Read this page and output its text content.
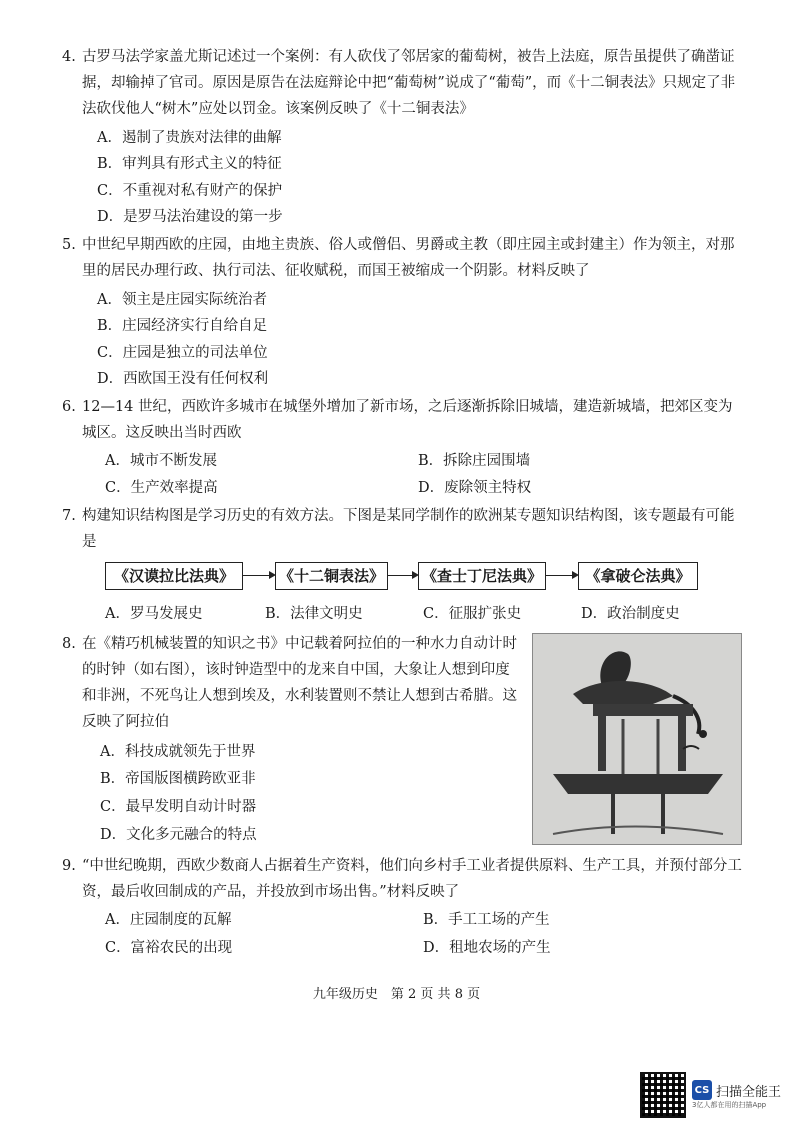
4. 古罗马法学家盖尤斯记述过一个案例：有人砍伐了邻居家的葡萄树，被告上法庭，原告虽提供了确凿证据，却输掉了官司。原因是原告在法庭辩论中把“葡萄树”说成了“葡萄”，而《十二铜表法》只规定了非法砍伐他人“树木”应处以罚金。该案例反映了《十二铜表法》
A．遏制了贵族对法律的曲解
B．审判具有形式主义的特征
C．不重视对私有财产的保护
D．是罗马法治建设的第一步
5. 中世纪早期西欧的庄园，由地主贵族、俗人或僧侣、男爵或主教（即庄园主或封建主）作为领主，对那里的居民办理行政、执行司法、征收赋税，而国王被缩成一个阴影。材料反映了
A．领主是庄园实际统治者
B．庄园经济实行自给自足
C．庄园是独立的司法单位
D．西欧国王没有任何权利
6. 12—14 世纪，西欧许多城市在城堡外增加了新市场，之后逐渐拆除旧城墙，建造新城墙，把郊区变为城区。这反映出当时西欧
A．城市不断发展	B．拆除庄园围墙
C．生产效率提高	D．废除领主特权
7. 构建知识结构图是学习历史的有效方法。下图是某同学制作的欧洲某专题知识结构图，该专题最有可能是
《汉谟拉比法典》	《十二铜表法》	《查士丁尼法典》	《拿破仑法典》
A．罗马发展史	B．法律文明史	C．征服扩张史	D．政治制度史
8. 在《精巧机械装置的知识之书》中记载着阿拉伯的一种水力自动计时的时钟（如右图），该时钟造型中的龙来自中国，大象让人想到印度和非洲，不死鸟让人想到埃及，水利装置则不禁让人想到古希腊。这反映了阿拉伯
A．科技成就领先于世界
B．帝国版图横跨欧亚非
C．最早发明自动计时器
D．文化多元融合的特点
9. “中世纪晚期，西欧少数商人占据着生产资料，他们向乡村手工业者提供原料、生产工具，并预付部分工资，最后收回制成的产品，并投放到市场出售。”材料反映了
A．庄园制度的瓦解	B．手工工场的产生
C．富裕农民的出现	D．租地农场的产生
九年级历史　第 2 页 共 8 页
CS 扫描全能王
3亿人都在用的扫描App
